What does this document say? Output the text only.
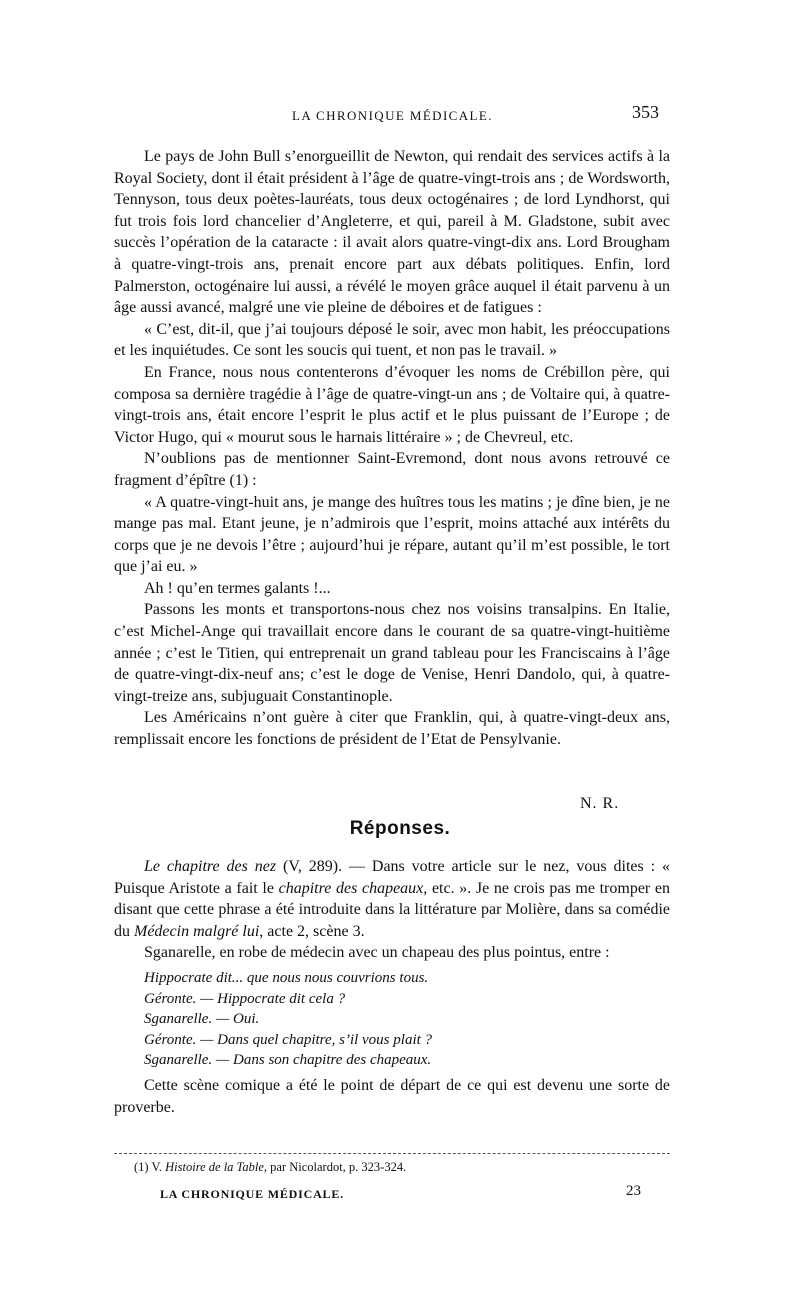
LA CHRONIQUE MÉDICALE.	353

Le pays de John Bull s’enorgueillit de Newton, qui rendait des services actifs à la Royal Society, dont il était président à l’âge de quatre-vingt-trois ans ; de Wordsworth, Tennyson, tous deux poètes-lauréats, tous deux octogénaires ; de lord Lyndhorst, qui fut trois fois lord chancelier d’Angleterre, et qui, pareil à M. Gladstone, subit avec succès l’opération de la cataracte : il avait alors quatre-vingt-dix ans. Lord Brougham à quatre-vingt-trois ans, prenait encore part aux débats politiques. Enfin, lord Palmerston, octogénaire lui aussi, a révélé le moyen grâce auquel il était parvenu à un âge aussi avancé, malgré une vie pleine de déboires et de fatigues :

« C’est, dit-il, que j’ai toujours déposé le soir, avec mon habit, les préoccupations et les inquiétudes. Ce sont les soucis qui tuent, et non pas le travail. »

En France, nous nous contenterons d’évoquer les noms de Crébillon père, qui composa sa dernière tragédie à l’âge de quatre-vingt-un ans ; de Voltaire qui, à quatre-vingt-trois ans, était encore l’esprit le plus actif et le plus puissant de l’Europe ; de Victor Hugo, qui « mourut sous le harnais littéraire » ; de Chevreul, etc.

N’oublions pas de mentionner Saint-Evremond, dont nous avons retrouvé ce fragment d’épître (1) :

« A quatre-vingt-huit ans, je mange des huîtres tous les matins ; je dîne bien, je ne mange pas mal. Etant jeune, je n’admirois que l’esprit, moins attaché aux intérêts du corps que je ne devois l’être ; aujourd’hui je répare, autant qu’il m’est possible, le tort que j’ai eu. »

Ah ! qu’en termes galants !...

Passons les monts et transportons-nous chez nos voisins transalpins. En Italie, c’est Michel-Ange qui travaillait encore dans le courant de sa quatre-vingt-huitième année ; c’est le Titien, qui entreprenait un grand tableau pour les Franciscains à l’âge de quatre-vingt-dix-neuf ans; c’est le doge de Venise, Henri Dandolo, qui, à quatre-vingt-treize ans, subjuguait Constantinople.

Les Américains n’ont guère à citer que Franklin, qui, à quatre-vingt-deux ans, remplissait encore les fonctions de président de l’Etat de Pensylvanie.

N. R.
Réponses.

Le chapitre des nez (V, 289). — Dans votre article sur le nez, vous dites : « Puisque Aristote a fait le chapitre des chapeaux, etc. ». Je ne crois pas me tromper en disant que cette phrase a été introduite dans la littérature par Molière, dans sa comédie du Médecin malgré lui, acte 2, scène 3.

Sganarelle, en robe de médecin avec un chapeau des plus pointus, entre :

Hippocrate dit... que nous nous couvrions tous.
Géronte. — Hippocrate dit cela ?
Sganarelle. — Oui.
Géronte. — Dans quel chapitre, s’il vous plait ?
Sganarelle. — Dans son chapitre des chapeaux.

Cette scène comique a été le point de départ de ce qui est devenu une sorte de proverbe.

(1) V. Histoire de la Table, par Nicolardot, p. 323-324.
LA CHRONIQUE MÉDICALE.	23
